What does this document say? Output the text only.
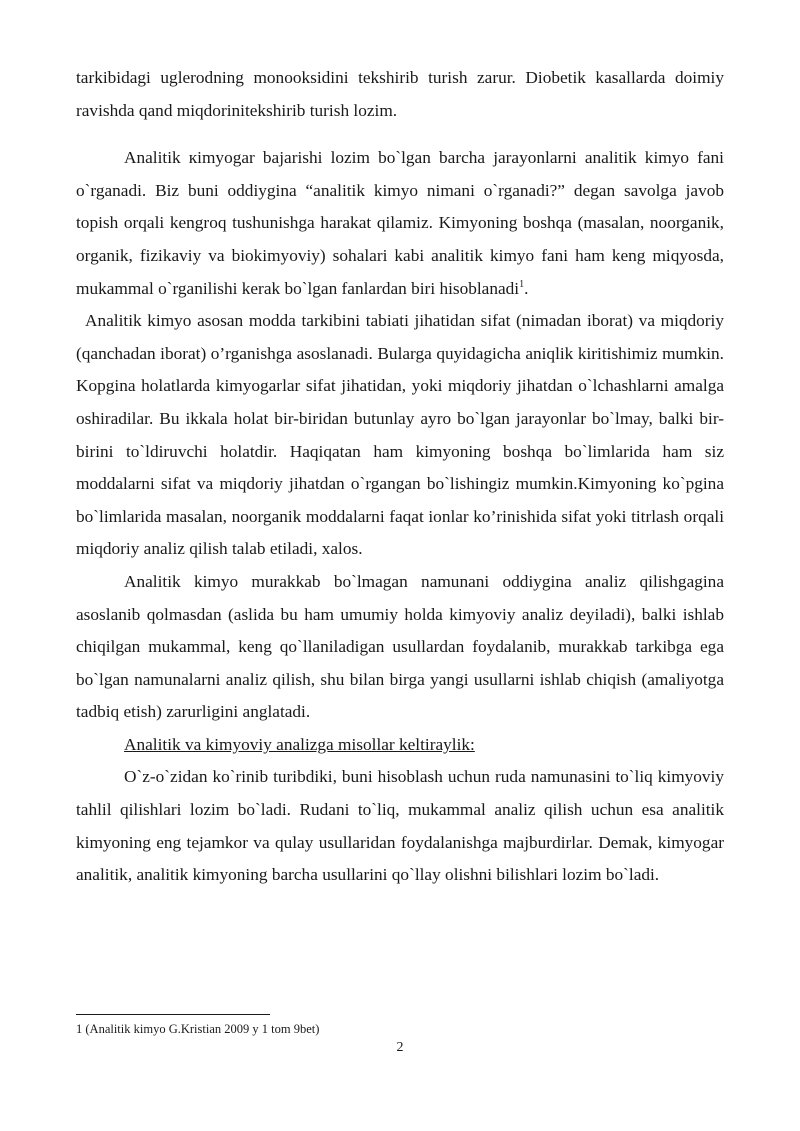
tarkibidagi uglerodning monooksidini tekshirib turish zarur. Diobetik kasallarda doimiy ravishda qand miqdorinitekshirib turish lozim.

Analitik кimyogar bajarishi lozim bo`lgan barcha jarayonlarni analitik kimyo fani o`rganadi. Biz buni oddiygina “analitik kimyo nimani o`rganadi?” degan savolga javob topish orqali kengroq tushunishga harakat qilamiz. Kimyoning boshqa (masalan, noorganik, organik, fizikaviy va biokimyoviy) sohalari kabi analitik kimyo fani ham keng miqyosda, mukammal o`rganilishi kerak bo`lgan fanlardan biri hisoblanadi$^1$.

Analitik kimyo asosan modda tarkibini tabiati jihatidan sifat (nimadan iborat) va miqdoriy (qanchadan iborat) o’rganishga asoslanadi. Bularga quyidagicha aniqlik kiritishimiz mumkin. Kopgina holatlarda kimyogarlar sifat jihatidan, yoki miqdoriy jihatdan o`lchashlarni amalga oshiradilar. Bu ikkala holat bir-biridan butunlay ayro bo`lgan jarayonlar bo`lmay, balki bir-birini to`ldiruvchi holatdir. Haqiqatan ham kimyoning boshqa bo`limlarida ham siz moddalarni sifat va miqdoriy jihatdan o`rgangan bo`lishingiz mumkin.Kimyoning ko`pgina bo`limlarida masalan, noorganik moddalarni faqat ionlar ko’rinishida sifat yoki titrlash orqali miqdoriy analiz qilish talab etiladi, xalos.

Analitik kimyo murakkab bo`lmagan namunani oddiygina analiz qilishgagina asoslanib qolmasdan (aslida bu ham umumiy holda kimyoviy analiz deyiladi), balki ishlab chiqilgan mukammal, keng qo`llaniladigan usullardan foydalanib, murakkab tarkibga ega bo`lgan namunalarni analiz qilish, shu bilan birga yangi usullarni ishlab chiqish (amaliyotga tadbiq etish) zarurligini anglatadi.

Analitik va kimyoviy analizga misollar keltiraylik:

O`z-o`zidan ko`rinib turibdiki, buni hisoblash uchun ruda namunasini to`liq kimyoviy tahlil qilishlari lozim bo`ladi. Rudani to`liq, mukammal analiz qilish uchun esa analitik kimyoning eng tejamkor va qulay usullaridan foydalanishga majburdirlar. Demak, kimyogar analitik, analitik kimyoning barcha usullarini qo`llay olishni bilishlari lozim bo`ladi.

1 (Analitik kimyo G.Kristian 2009 y 1 tom 9bet)

2
